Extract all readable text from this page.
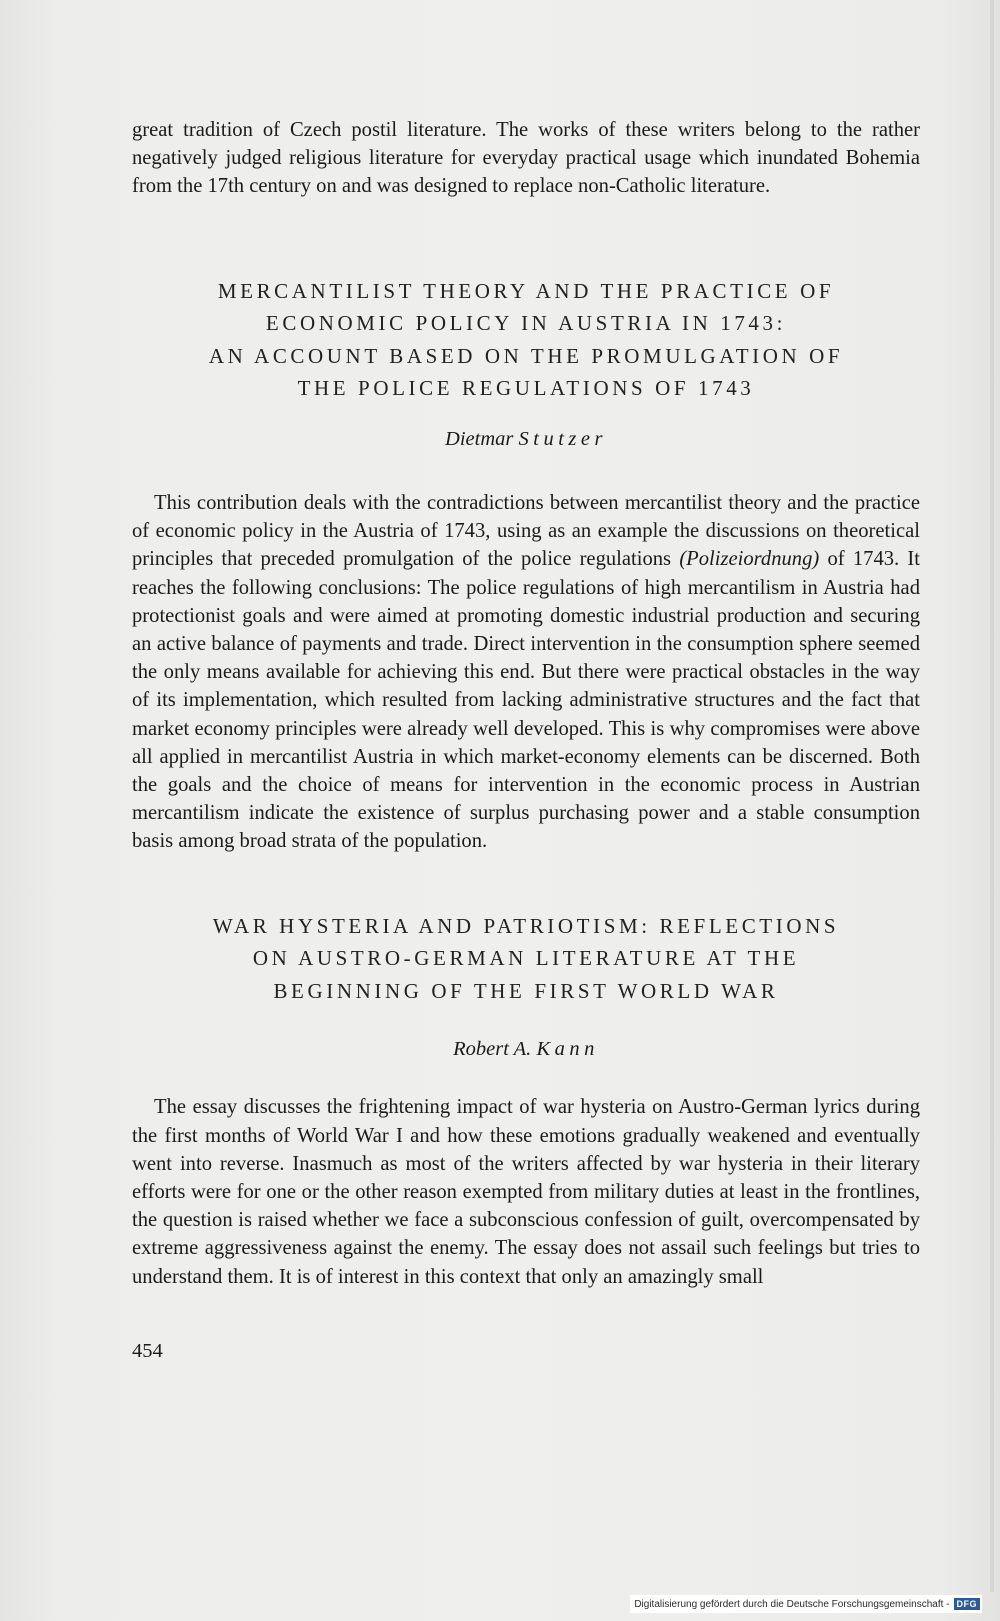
great tradition of Czech postil literature. The works of these writers belong to the rather negatively judged religious literature for everyday practical usage which inundated Bohemia from the 17th century on and was designed to replace non-Catholic literature.

MERCANTILIST THEORY AND THE PRACTICE OF
ECONOMIC POLICY IN AUSTRIA IN 1743:
AN ACCOUNT BASED ON THE PROMULGATION OF
THE POLICE REGULATIONS OF 1743

Dietmar Stutzer

This contribution deals with the contradictions between mercantilist theory and the practice of economic policy in the Austria of 1743, using as an example the discussions on theoretical principles that preceded promulgation of the police regulations (Polizeiordnung) of 1743. It reaches the following conclusions: The police regulations of high mercantilism in Austria had protectionist goals and were aimed at promoting domestic industrial production and securing an active balance of payments and trade. Direct intervention in the consumption sphere seemed the only means available for achieving this end. But there were practical obstacles in the way of its implementation, which resulted from lacking administrative structures and the fact that market economy principles were already well developed. This is why compromises were above all applied in mercantilist Austria in which market-economy elements can be discerned. Both the goals and the choice of means for intervention in the economic process in Austrian mercantilism indicate the existence of surplus purchasing power and a stable consumption basis among broad strata of the population.

WAR HYSTERIA AND PATRIOTISM: REFLECTIONS
ON AUSTRO-GERMAN LITERATURE AT THE
BEGINNING OF THE FIRST WORLD WAR

Robert A. Kann

The essay discusses the frightening impact of war hysteria on Austro-German lyrics during the first months of World War I and how these emotions gradually weakened and eventually went into reverse. Inasmuch as most of the writers affected by war hysteria in their literary efforts were for one or the other reason exempted from military duties at least in the frontlines, the question is raised whether we face a subconscious confession of guilt, overcompensated by extreme aggressiveness against the enemy. The essay does not assail such feelings but tries to understand them. It is of interest in this context that only an amazingly small

454

Digitalisierung gefördert durch die Deutsche Forschungsgemeinschaft - DFG
